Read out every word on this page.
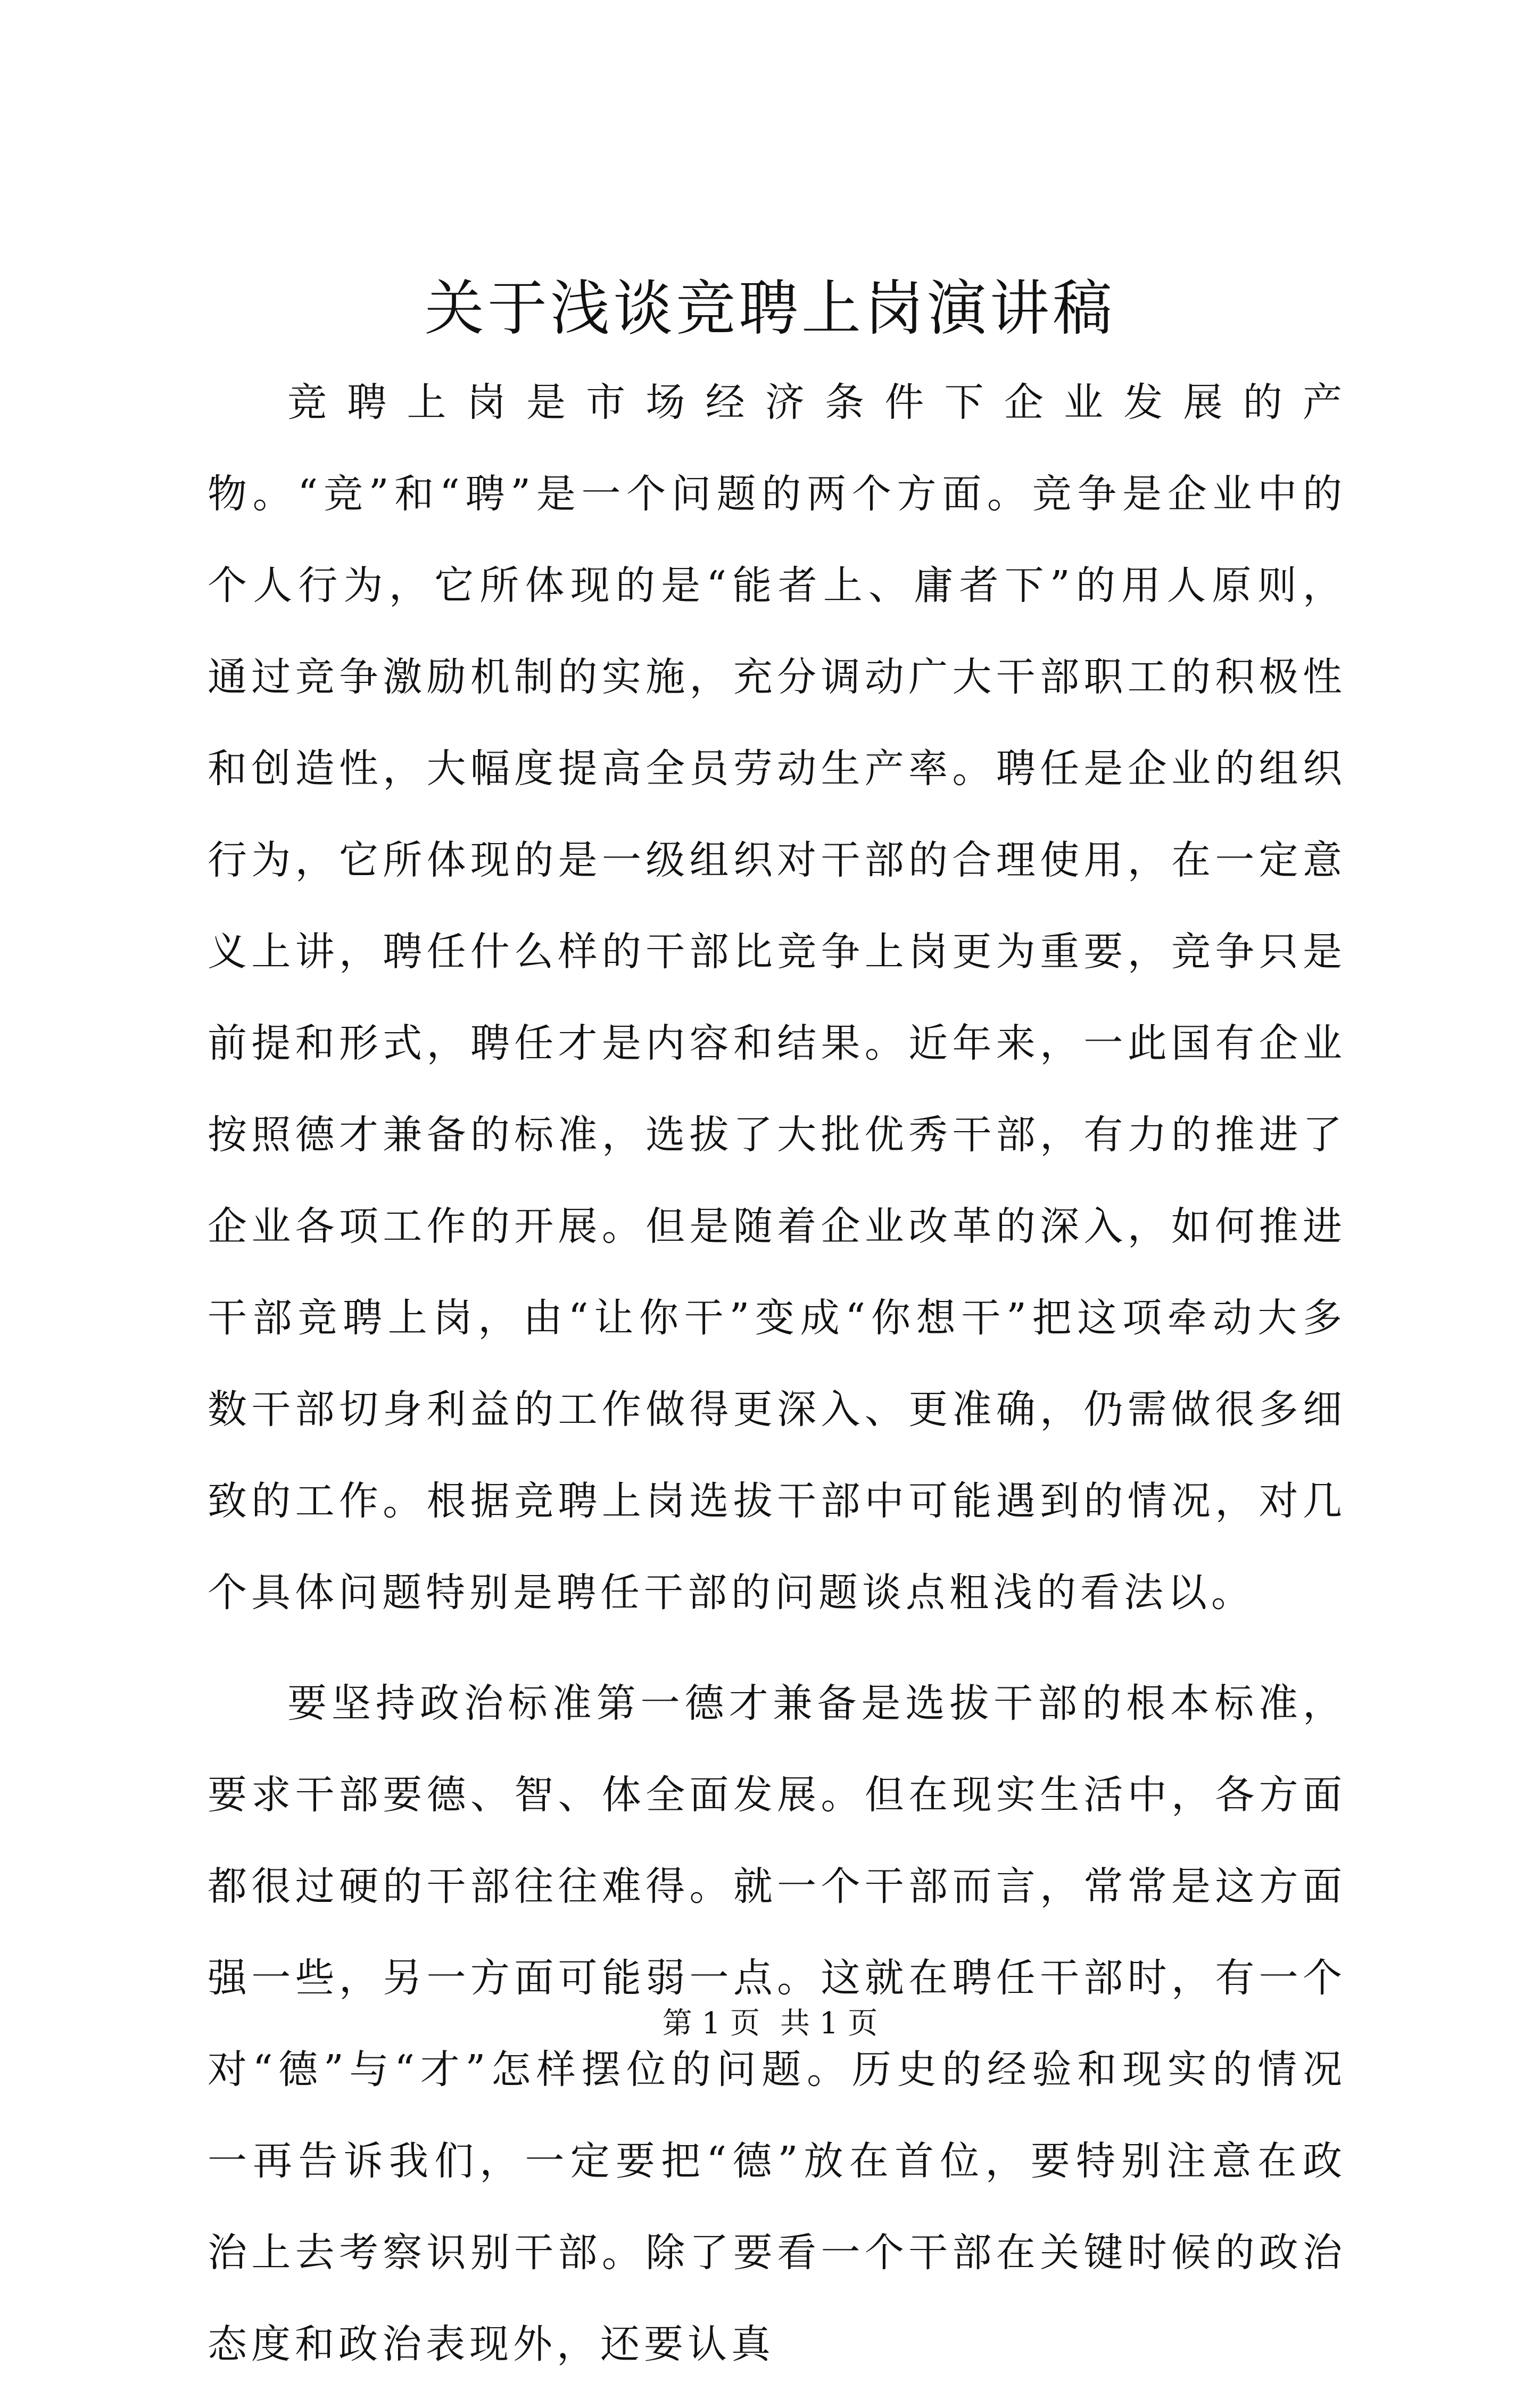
关于浅谈竞聘上岗演讲稿

竞聘上岗是市场经济条件下企业发展的产物。“竞”和“聘”是一个问题的两个方面。竞争是企业中的个人行为，它所体现的是“能者上、庸者下”的用人原则，通过竞争激励机制的实施，充分调动广大干部职工的积极性和创造性，大幅度提高全员劳动生产率。聘任是企业的组织行为，它所体现的是一级组织对干部的合理使用，在一定意义上讲，聘任什么样的干部比竞争上岗更为重要，竞争只是前提和形式，聘任才是内容和结果。近年来，一此国有企业按照德才兼备的标准，选拔了大批优秀干部，有力的推进了企业各项工作的开展。但是随着企业改革的深入，如何推进干部竞聘上岗，由“让你干”变成“你想干”把这项牵动大多数干部切身利益的工作做得更深入、更准确，仍需做很多细致的工作。根据竞聘上岗选拔干部中可能遇到的情况，对几个具体问题特别是聘任干部的问题谈点粗浅的看法以。

要坚持政治标准第一德才兼备是选拔干部的根本标准，要求干部要德、智、体全面发展。但在现实生活中，各方面都很过硬的干部往往难得。就一个干部而言，常常是这方面强一些，另一方面可能弱一点。这就在聘任干部时，有一个对“德”与“才”怎样摆位的问题。历史的经验和现实的情况一再告诉我们，一定要把“德”放在首位，要特别注意在政治上去考察识别干部。除了要看一个干部在关键时候的政治态度和政治表现外，还要认真

第 1 页 共 1 页
